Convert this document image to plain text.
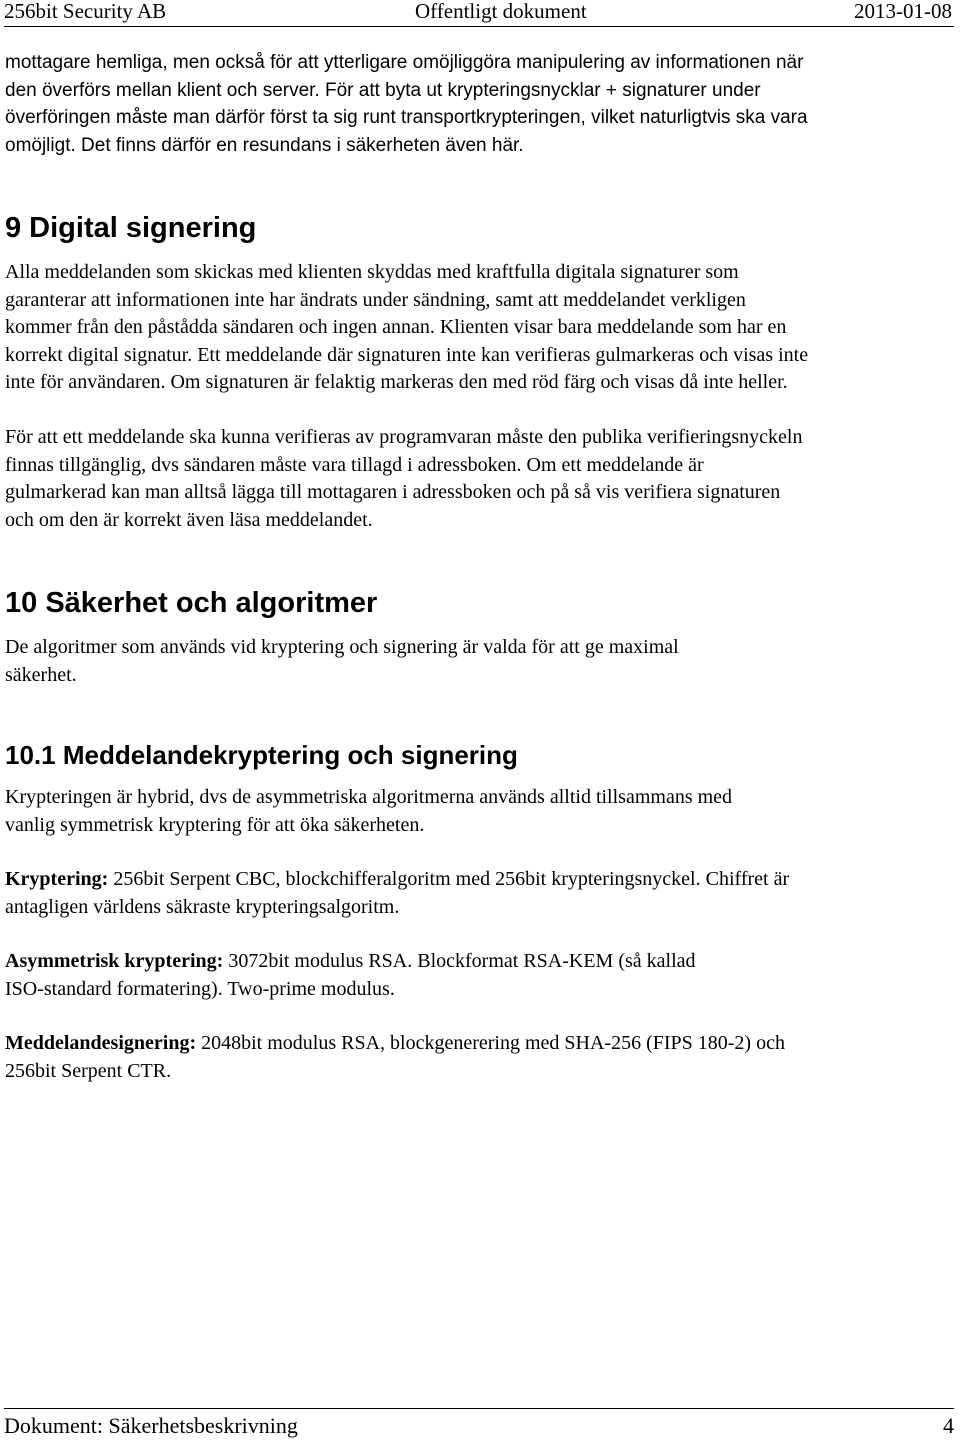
256bit Security AB	Offentligt dokument	2013-01-08
mottagare hemliga, men också för att ytterligare omöjliggöra manipulering av informationen när
den överförs mellan klient och server. För att byta ut krypteringsnycklar + signaturer under
överföringen måste man därför först ta sig runt transportkrypteringen, vilket naturligtvis ska vara
omöjligt. Det finns därför en resundans i säkerheten även här.
9 Digital signering
Alla meddelanden som skickas med klienten skyddas med kraftfulla digitala signaturer som
garanterar att informationen inte har ändrats under sändning, samt att meddelandet verkligen
kommer från den påstådda sändaren och ingen annan. Klienten visar bara meddelande som har en
korrekt digital signatur. Ett meddelande där signaturen inte kan verifieras gulmarkeras och visas inte
inte för användaren. Om signaturen är felaktig markeras den med röd färg och visas då inte heller.
För att ett meddelande ska kunna verifieras av programvaran måste den publika verifieringsnyckeln
finnas tillgänglig, dvs sändaren måste vara tillagd i adressboken. Om ett meddelande är
gulmarkerad kan man alltså lägga till mottagaren i adressboken och på så vis verifiera signaturen
och om den är korrekt även läsa meddelandet.
10 Säkerhet och algoritmer
De algoritmer som används vid kryptering och signering är valda för att ge maximal
säkerhet.
10.1 Meddelandekryptering och signering
Krypteringen är hybrid, dvs de asymmetriska algoritmerna används alltid tillsammans med
vanlig symmetrisk kryptering för att öka säkerheten.
Kryptering: 256bit Serpent CBC, blockchifferalgoritm med 256bit krypteringsnyckel. Chiffret är
antagligen världens säkraste krypteringsalgoritm.
Asymmetrisk kryptering: 3072bit modulus RSA. Blockformat RSA-KEM (så kallad
ISO-standard formatering). Two-prime modulus.
Meddelandesignering: 2048bit modulus RSA, blockgenerering med SHA-256 (FIPS 180-2) och
256bit Serpent CTR.
Dokument: Säkerhetsbeskrivning	4
